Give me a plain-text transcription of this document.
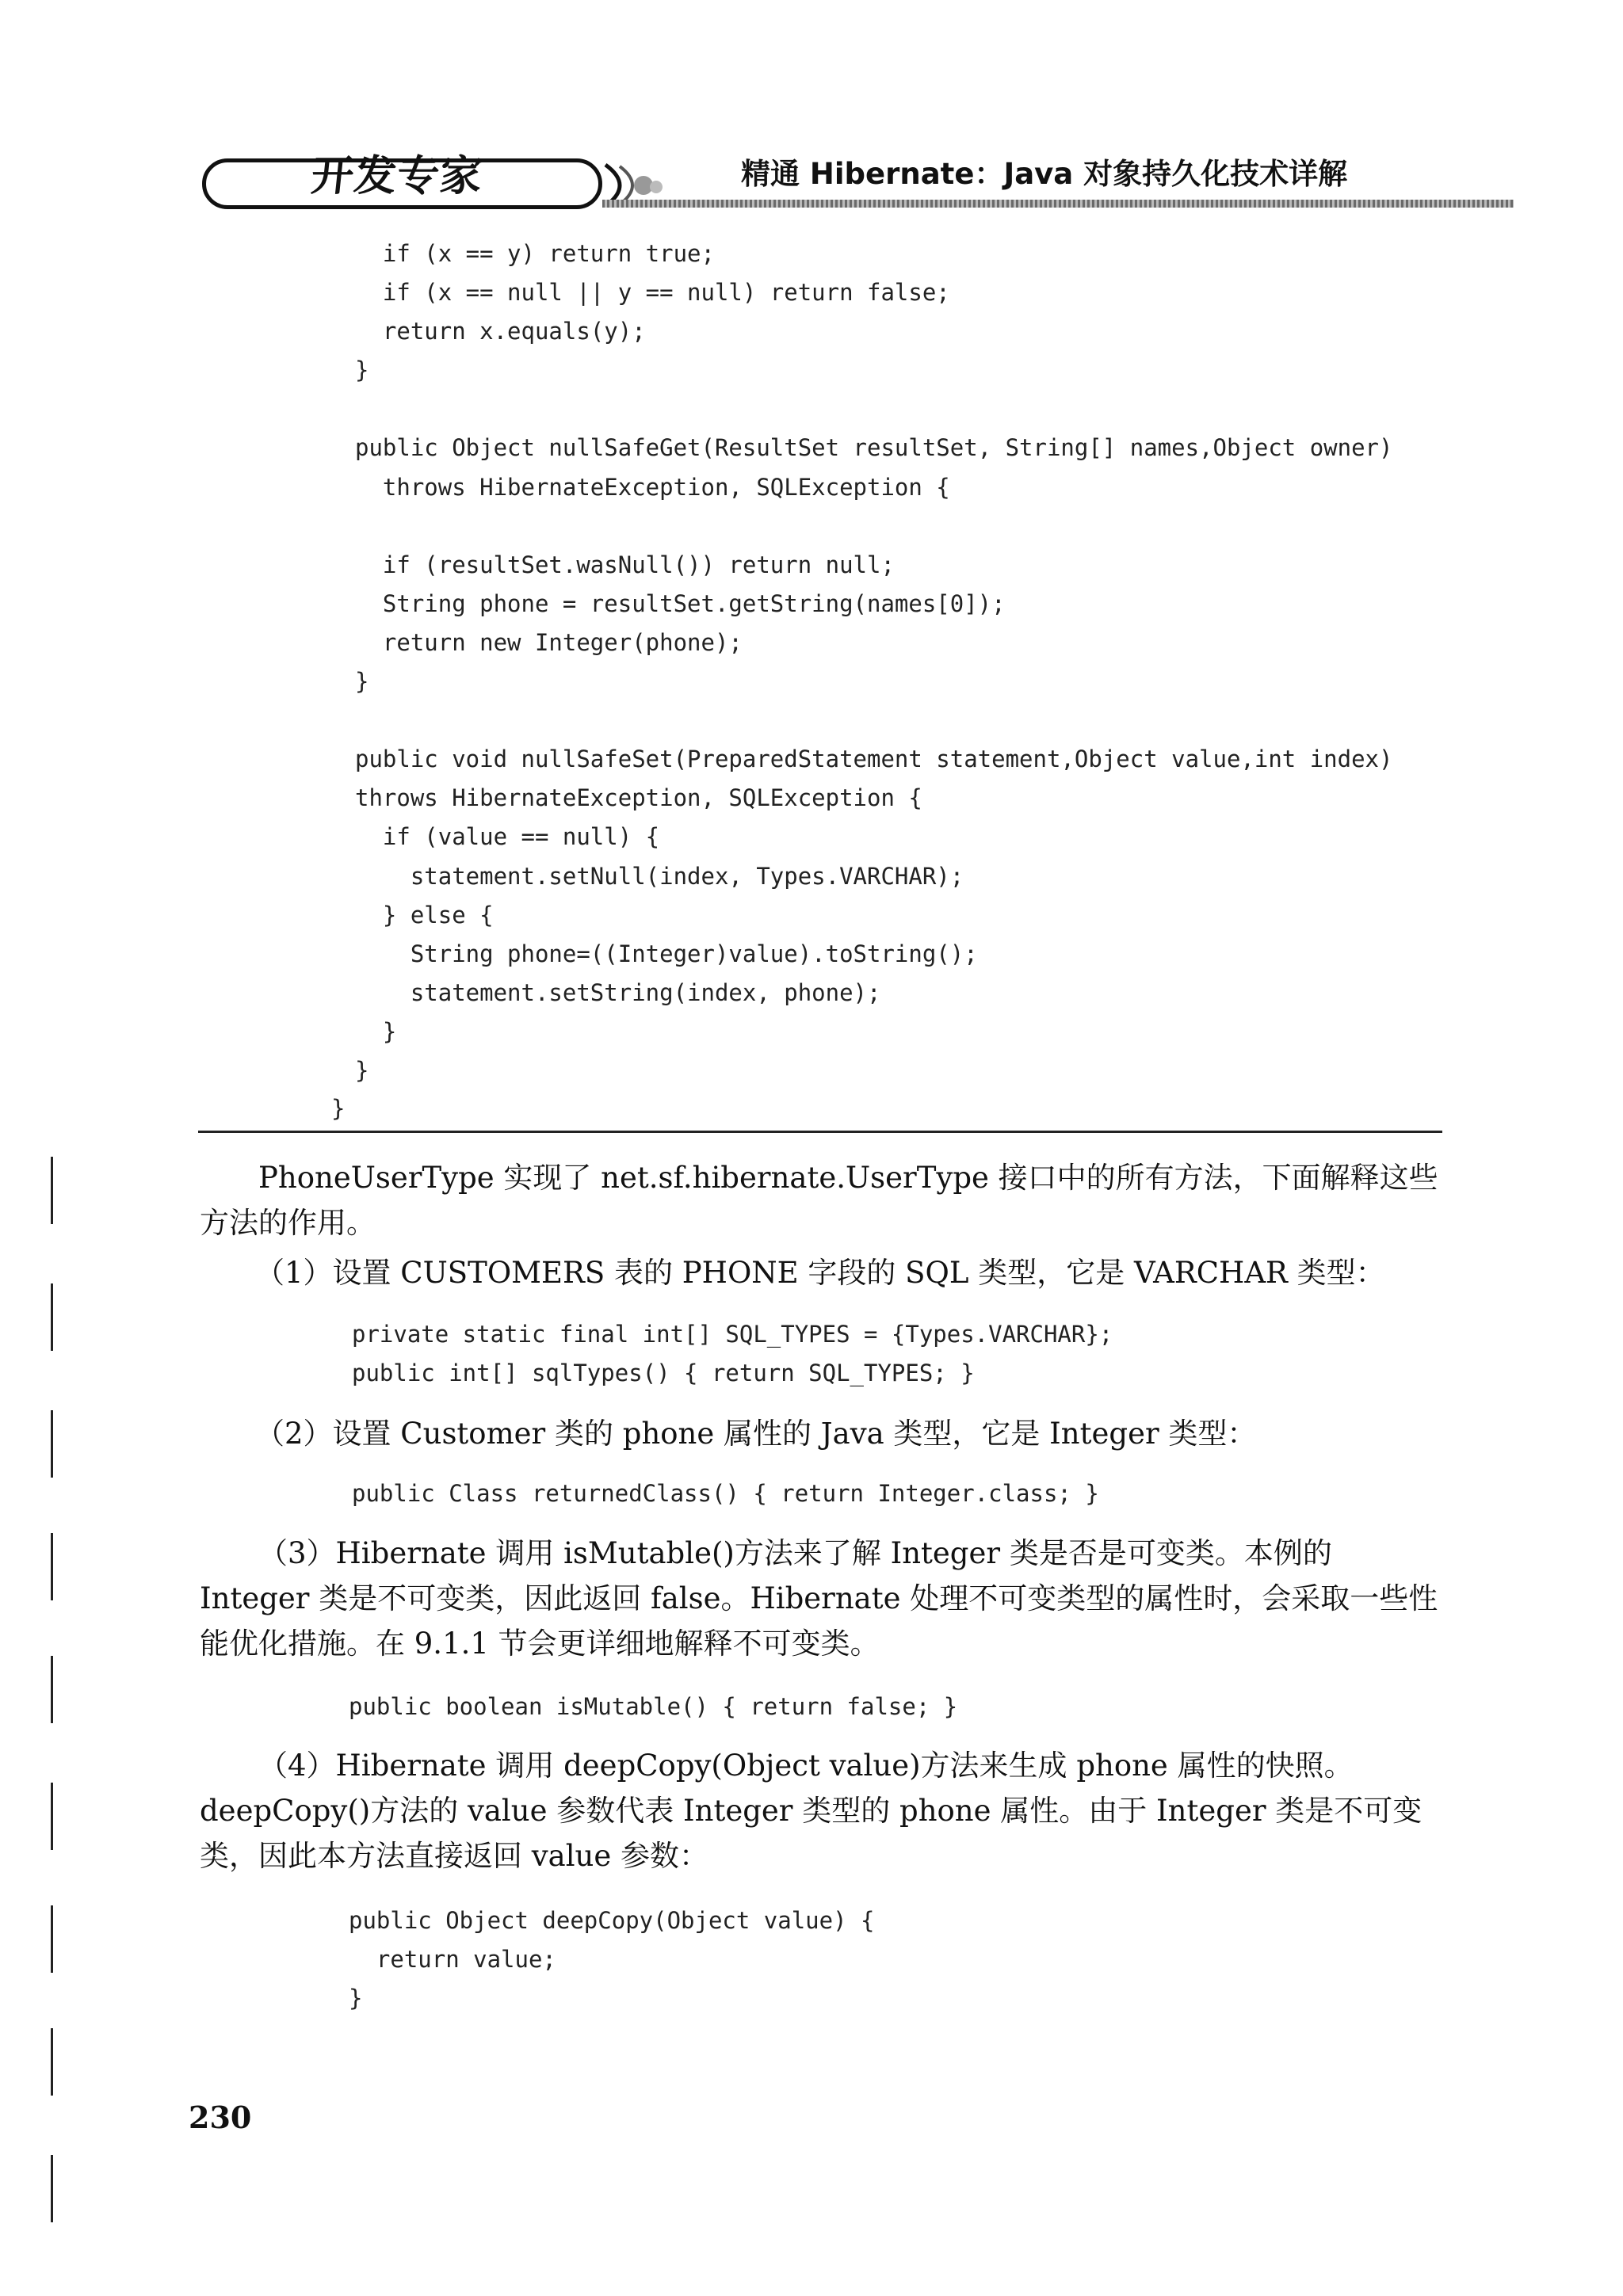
开发专家	精通 Hibernate：Java 对象持久化技术详解
if (x == y) return true;
if (x == null || y == null) return false;
return x.equals(y);
}
public Object nullSafeGet(ResultSet resultSet, String[] names,Object owner)
throws HibernateException, SQLException {
if (resultSet.wasNull()) return null;
String phone = resultSet.getString(names[0]);
return new Integer(phone);
}
public void nullSafeSet(PreparedStatement statement,Object value,int index)
throws HibernateException, SQLException {
if (value == null) {
statement.setNull(index, Types.VARCHAR);
} else {
String phone=((Integer)value).toString();
statement.setString(index, phone);
}
}
}

PhoneUserType 实现了 net.sf.hibernate.UserType 接口中的所有方法，下面解释这些方法的作用。

（1）设置 CUSTOMERS 表的 PHONE 字段的 SQL 类型，它是 VARCHAR 类型：

private static final int[] SQL_TYPES = {Types.VARCHAR};
public int[] sqlTypes() { return SQL_TYPES; }

（2）设置 Customer 类的 phone 属性的 Java 类型，它是 Integer 类型：

public Class returnedClass() { return Integer.class; }

（3）Hibernate 调用 isMutable()方法来了解 Integer 类是否是可变类。本例的 Integer 类是不可变类，因此返回 false。Hibernate 处理不可变类型的属性时，会采取一些性能优化措施。在 9.1.1 节会更详细地解释不可变类。

public boolean isMutable() { return false; }

（4）Hibernate 调用 deepCopy(Object value)方法来生成 phone 属性的快照。deepCopy()方法的 value 参数代表 Integer 类型的 phone 属性。由于 Integer 类是不可变类，因此本方法直接返回 value 参数：

public Object deepCopy(Object value) {
return value;
}
230
